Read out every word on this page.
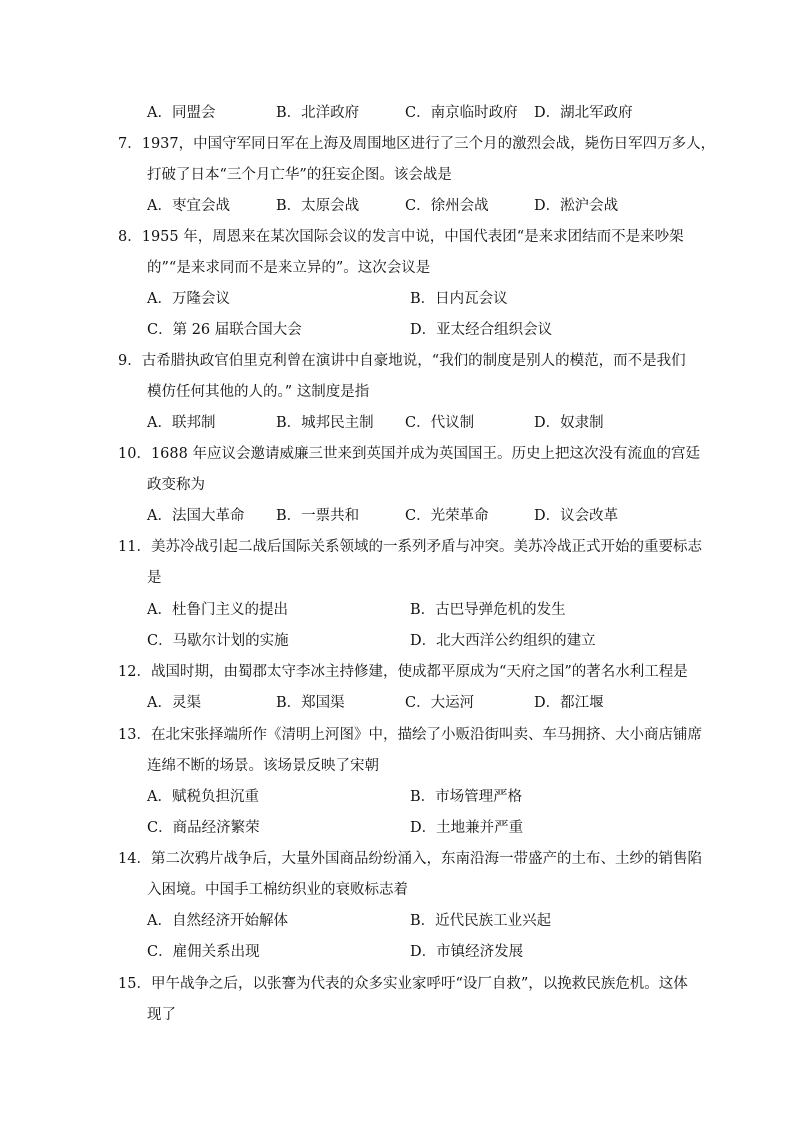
A．同盟会	B．北洋政府	C．南京临时政府 D．湖北军政府
7．1937，中国守军同日军在上海及周围地区进行了三个月的激烈会战，毙伤日军四万多人，
打破了日本“三个月亡华”的狂妄企图。该会战是
A．枣宜会战	B．太原会战	C．徐州会战	D．淞沪会战
8．1955 年，周恩来在某次国际会议的发言中说，中国代表团“是来求团结而不是来吵架
的”“是来求同而不是来立异的”。这次会议是
A．万隆会议	B．日内瓦会议
C．第 26 届联合国大会	D．亚太经合组织会议
9．古希腊执政官伯里克利曾在演讲中自豪地说，“我们的制度是别人的模范，而不是我们
模仿任何其他的人的。” 这制度是指
A．联邦制	B．城邦民主制 C．代议制	D．奴隶制
10．1688 年应议会邀请威廉三世来到英国并成为英国国王。历史上把这次没有流血的宫廷
政变称为
A．法国大革命 B．一票共和	C．光荣革命	D．议会改革
11．美苏冷战引起二战后国际关系领域的一系列矛盾与冲突。美苏冷战正式开始的重要标志
是
A．杜鲁门主义的提出	B．古巴导弹危机的发生
C．马歇尔计划的实施	D．北大西洋公约组织的建立
12．战国时期，由蜀郡太守李冰主持修建，使成都平原成为“天府之国”的著名水利工程是
A．灵渠	B．郑国渠	C．大运河	D．都江堰
13．在北宋张择端所作《清明上河图》中，描绘了小贩沿街叫卖、车马拥挤、大小商店铺席
连绵不断的场景。该场景反映了宋朝
A．赋税负担沉重	B．市场管理严格
C．商品经济繁荣	D．土地兼并严重
14．第二次鸦片战争后，大量外国商品纷纷涌入，东南沿海一带盛产的土布、土纱的销售陷
入困境。中国手工棉纺织业的衰败标志着
A．自然经济开始解体	B．近代民族工业兴起
C．雇佣关系出现	D．市镇经济发展
15．甲午战争之后，以张謇为代表的众多实业家呼吁“设厂自救”，以挽救民族危机。这体
现了
